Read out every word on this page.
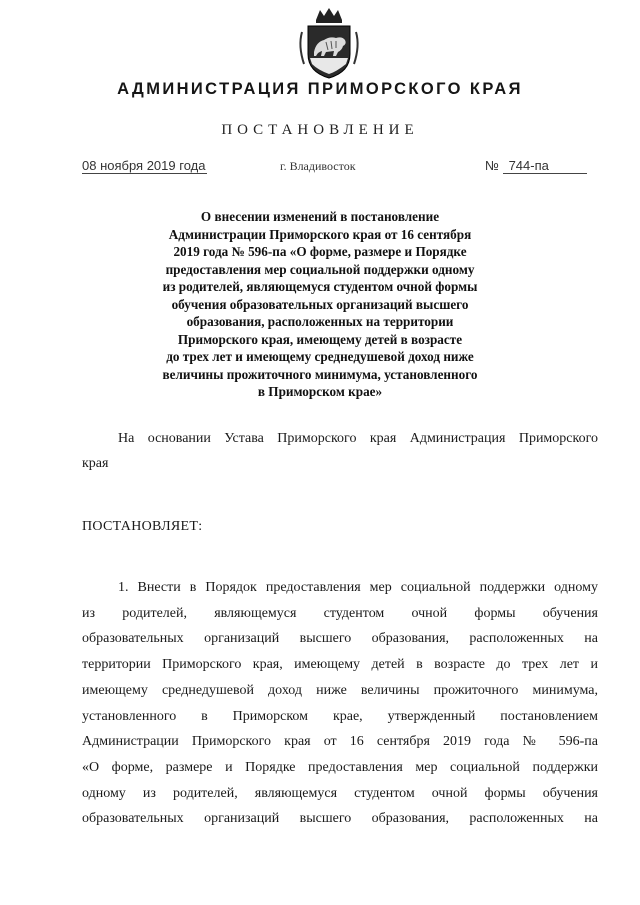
АДМИНИСТРАЦИЯ ПРИМОРСКОГО КРАЯ
ПОСТАНОВЛЕНИЕ
08 ноября 2019 года	г. Владивосток	№ 744-па
О внесении изменений в постановление
Администрации Приморского края от 16 сентября
2019 года № 596-па «О форме, размере и Порядке
предоставления мер социальной поддержки одному
из родителей, являющемуся студентом очной формы
обучения образовательных организаций высшего
образования, расположенных на территории
Приморского края, имеющему детей в возрасте
до трех лет и имеющему среднедушевой доход ниже
величины прожиточного минимума, установленного
в Приморском крае»
На основании Устава Приморского края Администрация Приморского
края
ПОСТАНОВЛЯЕТ:
1. Внести в Порядок предоставления мер социальной поддержки одному
из родителей, являющемуся студентом очной формы обучения
образовательных организаций высшего образования, расположенных на
территории Приморского края, имеющему детей в возрасте до трех лет и
имеющему среднедушевой доход ниже величины прожиточного минимума,
установленного в Приморском крае, утвержденный постановлением
Администрации Приморского края от 16 сентября 2019 года № 596-па
«О форме, размере и Порядке предоставления мер социальной поддержки
одному из родителей, являющемуся студентом очной формы обучения
образовательных организаций высшего образования, расположенных на
